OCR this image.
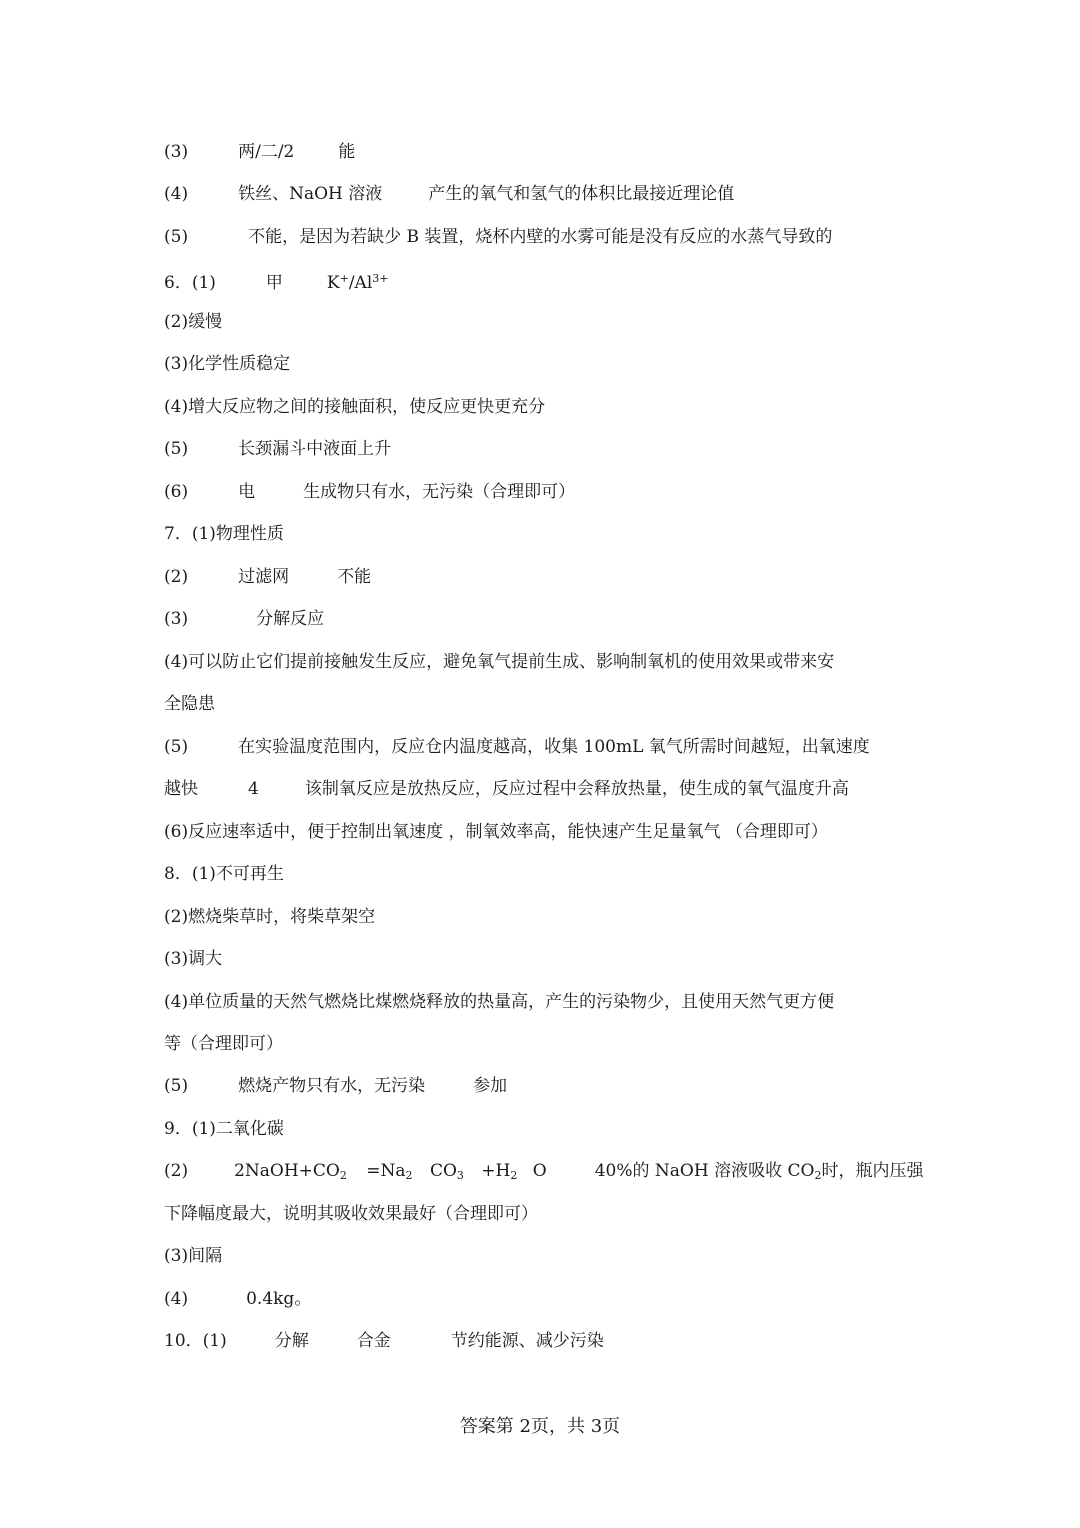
(3)	两/二/2	能
(4)	铁丝、NaOH 溶液	产生的氧气和氢气的体积比最接近理论值
(5)	不能，是因为若缺少 B 装置，烧杯内壁的水雾可能是没有反应的水蒸气导致的
6．(1)	甲	$K^+/Al^{3+}$
(2)缓慢
(3)化学性质稳定
(4)增大反应物之间的接触面积，使反应更快更充分
(5)	长颈漏斗中液面上升
(6)	电	生成物只有水，无污染（合理即可）
7．(1)物理性质
(2)	过滤网	不能
(3)	分解反应
(4)可以防止它们提前接触发生反应，避免氧气提前生成、影响制氧机的使用效果或带来安
全隐患
(5)	在实验温度范围内，反应仓内温度越高，收集 100mL 氧气所需时间越短，出氧速度
越快	4	该制氧反应是放热反应，反应过程中会释放热量，使生成的氧气温度升高
(6)反应速率适中，便于控制出氧速度 ，制氧效率高，能快速产生足量氧气 （合理即可）
8．(1)不可再生
(2)燃烧柴草时，将柴草架空
(3)调大
(4)单位质量的天然气燃烧比煤燃烧释放的热量高，产生的污染物少，且使用天然气更方便
等（合理即可）
(5)	燃烧产物只有水，无污染	参加
9．(1)二氧化碳
(2)	$2NaOH+CO_2 =Na_2$ $CO_3 +H_2$ O	40%的 NaOH 溶液吸收 $CO_2$时，瓶内压强
下降幅度最大，说明其吸收效果最好（合理即可）
(3)间隔
(4)	0.4kg。
10．(1)	分解	合金	节约能源、减少污染
答案第 2页，共 3页
